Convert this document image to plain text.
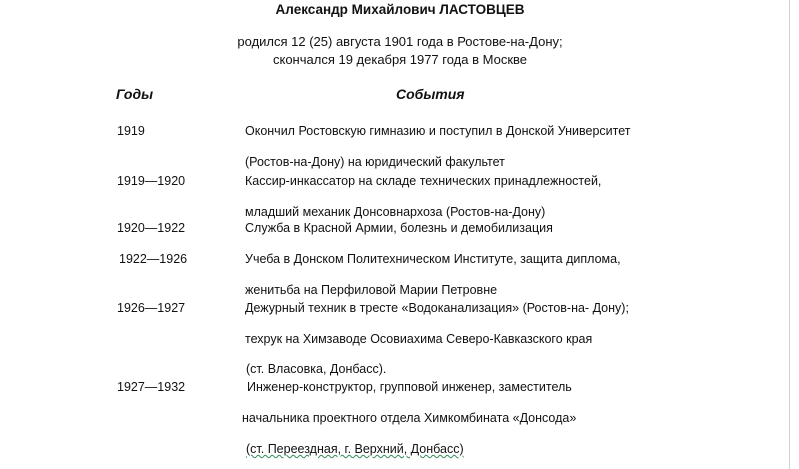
Александр Михайлович ЛАСТОВЦЕВ
родился 12 (25) августа 1901 года в Ростове-на-Дону;
скончался 19 декабря 1977 года в Москве
Годы	События
1919	Окончил Ростовскую гимназию и поступил в Донской Университет
(Ростов-на-Дону) на юридический факультет
1919—1920	Кассир-инкассатор на складе технических принадлежностей,
младший механик Донсовнархоза (Ростов-на-Дону)
1920—1922	Служба в Красной Армии, болезнь и демобилизация
1922—1926	Учеба в Донском Политехническом Институте, защита диплома,
женитьба на Перфиловой Марии Петровне
1926—1927	Дежурный техник в тресте «Водоканализация» (Ростов-на- Дону);
техрук на Химзаводе Осовиахима Северо-Кавказского края
(ст. Власовка, Донбасс).
1927—1932	Инженер-конструктор, групповой инженер, заместитель
начальника проектного отдела Химкомбината «Донсода»
(ст. Переездная, г. Верхний, Донбасс)
